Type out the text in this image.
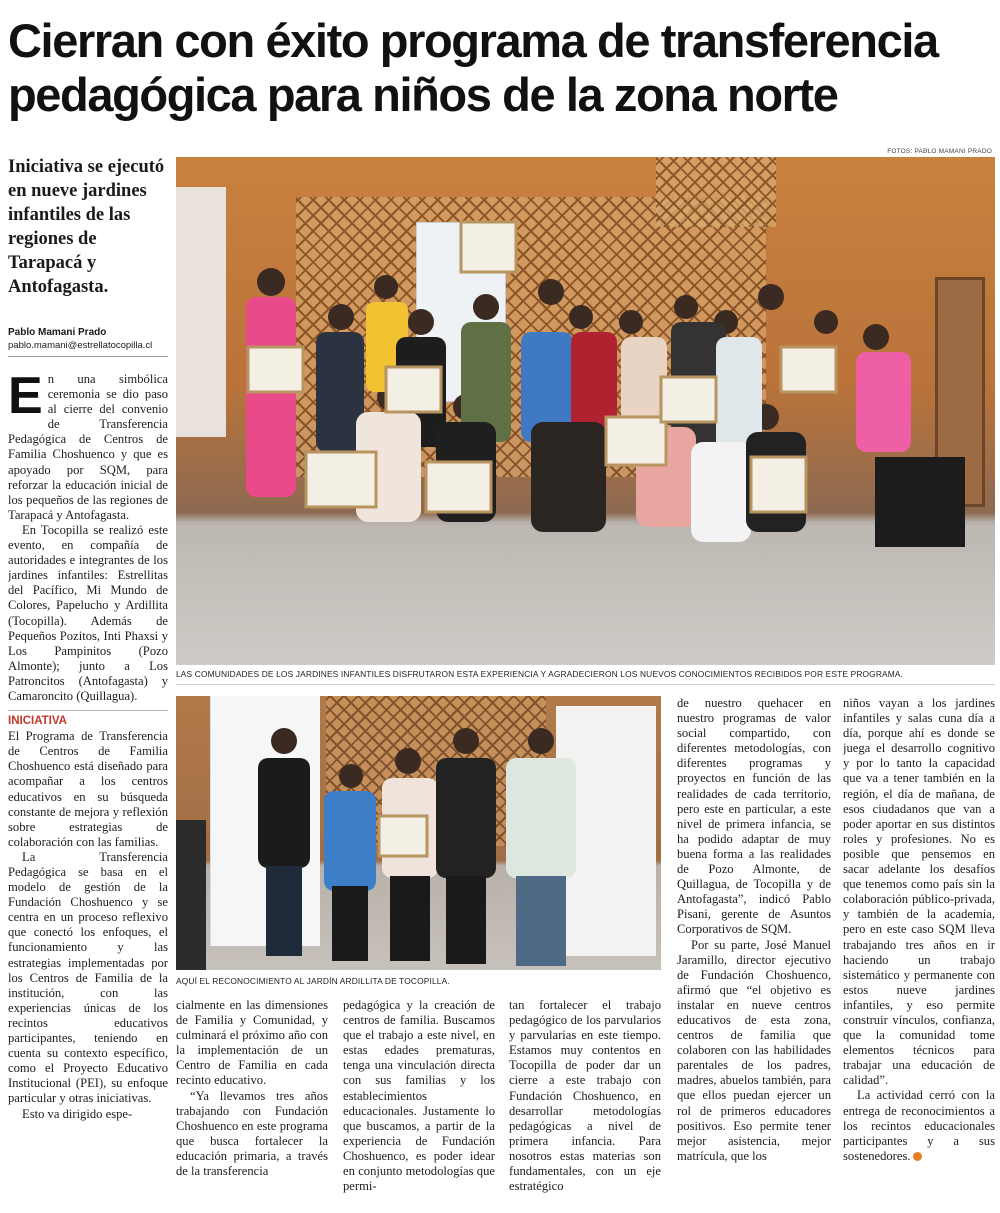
Cierran con éxito programa de transferencia
pedagógica para niños de la zona norte
FOTOS: PABLO MAMANI PRADO
Iniciativa se ejecutó en nueve jardines infantiles de las regiones de Tarapacá y Antofagasta.
Pablo Mamani Prado
pablo.mamani@estrellatocopilla.cl
LAS COMUNIDADES DE LOS JARDINES INFANTILES DISFRUTARON ESTA EXPERIENCIA Y AGRADECIERON LOS NUEVOS CONOCIMIENTOS RECIBIDOS POR ESTE PROGRAMA.
AQUÍ EL RECONOCIMIENTO AL JARDÍN ARDILLITA DE TOCOPILLA.

En una simbólica ceremonia se dio paso al cierre del convenio de Transferencia Pedagógica de Centros de Familia Choshuenco y que es apoyado por SQM, para reforzar la educación inicial de los pequeños de las regiones de Tarapacá y Antofagasta.

En Tocopilla se realizó este evento, en compañía de autoridades e integrantes de los jardines infantiles: Estrellitas del Pacífico, Mi Mundo de Colores, Papelucho y Ardillita (Tocopilla). Además de Pequeños Pozitos, Inti Phaxsi y Los Pampinitos (Pozo Almonte); junto a Los Patroncitos (Antofagasta) y Camaroncito (Quillagua).

INICIATIVA

El Programa de Transferencia de Centros de Familia Choshuenco está diseñado para acompañar a los centros educativos en su búsqueda constante de mejora y reflexión sobre estrategias de colaboración con las familias.

La Transferencia Pedagógica se basa en el modelo de gestión de la Fundación Choshuenco y se centra en un proceso reflexivo que conectó los enfoques, el funcionamiento y las estrategias implementadas por los Centros de Familia de la institución, con las experiencias únicas de los recintos educativos participantes, teniendo en cuenta su contexto específico, como el Proyecto Educativo Institucional (PEI), su enfoque particular y otras iniciativas.

Esto va dirigido espe-

cialmente en las dimensiones de Familia y Comunidad, y culminará el próximo año con la implementación de un Centro de Familia en cada recinto educativo.

“Ya llevamos tres años trabajando con Fundación Choshuenco en este programa que busca fortalecer la educación primaria, a través de la transferencia

pedagógica y la creación de centros de familia. Buscamos que el trabajo a este nivel, en estas edades prematuras, tenga una vinculación directa con sus familias y los establecimientos educacionales. Justamente lo que buscamos, a partir de la experiencia de Fundación Choshuenco, es poder idear en conjunto metodologías que permi-

tan fortalecer el trabajo pedagógico de los parvularios y parvularias en este tiempo. Estamos muy contentos en Tocopilla de poder dar un cierre a este trabajo con Fundación Choshuenco, en desarrollar metodologías pedagógicas a nivel de primera infancia. Para nosotros estas materias son fundamentales, con un eje estratégico

de nuestro quehacer en nuestro programas de valor social compartido, con diferentes metodologías, con diferentes programas y proyectos en función de las realidades de cada territorio, pero este en particular, a este nivel de primera infancia, se ha podido adaptar de muy buena forma a las realidades de Pozo Almonte, de Quillagua, de Tocopilla y de Antofagasta”, indicó Pablo Pisani, gerente de Asuntos Corporativos de SQM.

Por su parte, José Manuel Jaramillo, director ejecutivo de Fundación Choshuenco, afirmó que “el objetivo es instalar en nueve centros educativos de esta zona, centros de familia que colaboren con las habilidades parentales de los padres, madres, abuelos también, para que ellos puedan ejercer un rol de primeros educadores positivos. Eso permite tener mejor asistencia, mejor matrícula, que los

niños vayan a los jardines infantiles y salas cuna día a día, porque ahí es donde se juega el desarrollo cognitivo y por lo tanto la capacidad que va a tener también en la región, el día de mañana, de esos ciudadanos que van a poder aportar en sus distintos roles y profesiones. No es posible que pensemos en sacar adelante los desafíos que tenemos como país sin la colaboración público-privada, y también de la academia, pero en este caso SQM lleva trabajando tres años en ir haciendo un trabajo sistemático y permanente con estos nueve jardines infantiles, y eso permite construir vínculos, confianza, que la comunidad tome elementos técnicos para trabajar una educación de calidad”.

La actividad cerró con la entrega de reconocimientos a los recintos educacionales participantes y a sus sostenedores.
